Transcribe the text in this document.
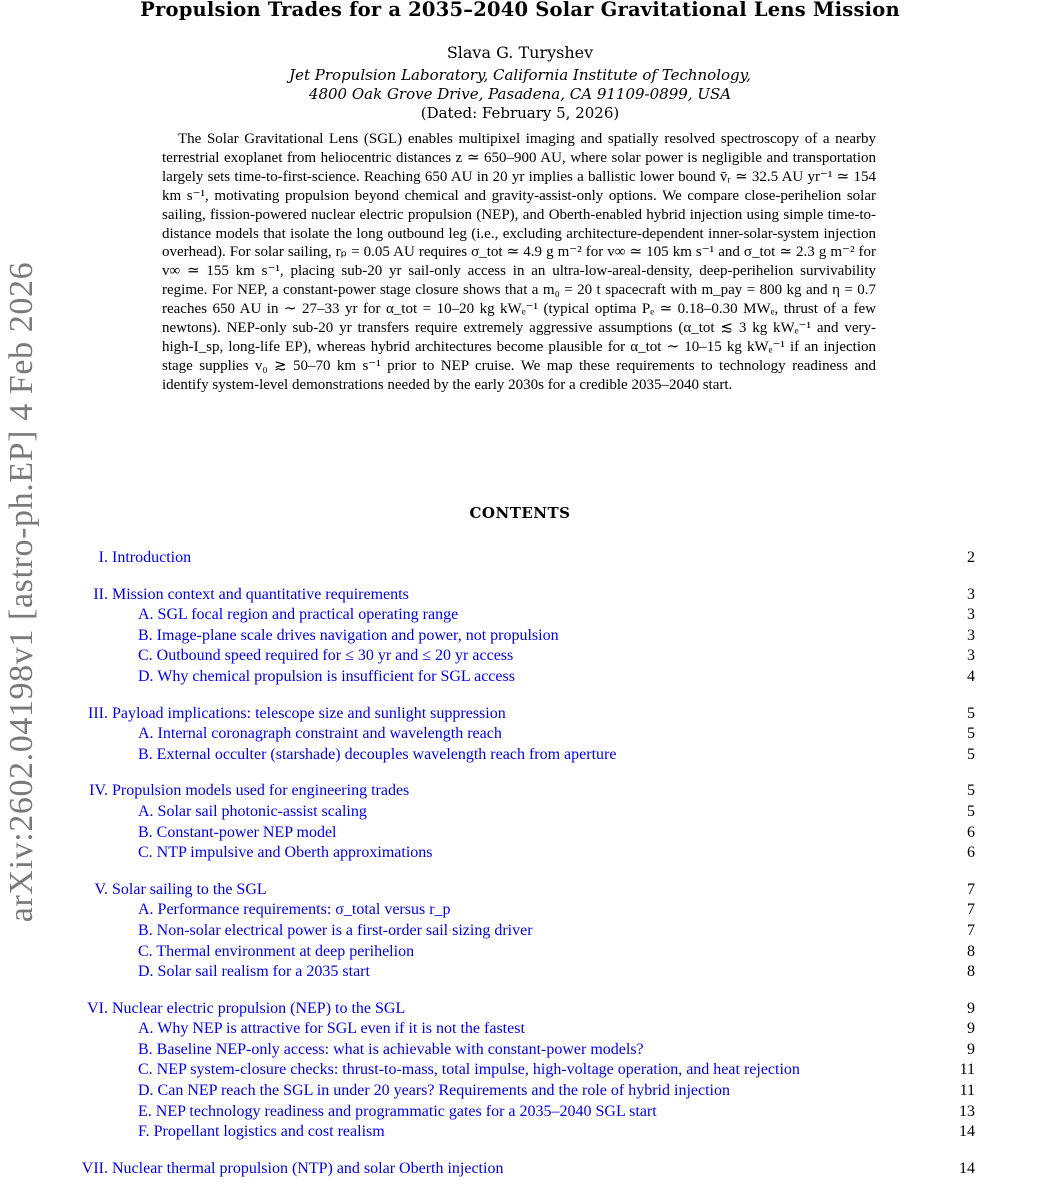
arXiv:2602.04198v1 [astro-ph.EP] 4 Feb 2026
Propulsion Trades for a 2035–2040 Solar Gravitational Lens Mission
Slava G. Turyshev
Jet Propulsion Laboratory, California Institute of Technology,
4800 Oak Grove Drive, Pasadena, CA 91109-0899, USA
(Dated: February 5, 2026)

The Solar Gravitational Lens (SGL) enables multipixel imaging and spatially resolved spectroscopy of a nearby terrestrial exoplanet from heliocentric distances z ≃ 650–900 AU, where solar power is negligible and transportation largely sets time-to-first-science. Reaching 650 AU in 20 yr implies a ballistic lower bound v̄ᵣ ≃ 32.5 AU yr⁻¹ ≃ 154 km s⁻¹, motivating propulsion beyond chemical and gravity-assist-only options. We compare close-perihelion solar sailing, fission-powered nuclear electric propulsion (NEP), and Oberth-enabled hybrid injection using simple time-to-distance models that isolate the long outbound leg (i.e., excluding architecture-dependent inner-solar-system injection overhead). For solar sailing, rₚ = 0.05 AU requires σ_tot ≃ 4.9 g m⁻² for v∞ ≃ 105 km s⁻¹ and σ_tot ≃ 2.3 g m⁻² for v∞ ≃ 155 km s⁻¹, placing sub-20 yr sail-only access in an ultra-low-areal-density, deep-perihelion survivability regime. For NEP, a constant-power stage closure shows that a m₀ = 20 t spacecraft with m_pay = 800 kg and η = 0.7 reaches 650 AU in ∼ 27–33 yr for α_tot = 10–20 kg kWₑ⁻¹ (typical optima Pₑ ≃ 0.18–0.30 MWₑ, thrust of a few newtons). NEP-only sub-20 yr transfers require extremely aggressive assumptions (α_tot ≲ 3 kg kWₑ⁻¹ and very-high-I_sp, long-life EP), whereas hybrid architectures become plausible for α_tot ∼ 10–15 kg kWₑ⁻¹ if an injection stage supplies v₀ ≳ 50–70 km s⁻¹ prior to NEP cruise. We map these requirements to technology readiness and identify system-level demonstrations needed by the early 2030s for a credible 2035–2040 start.

CONTENTS
I. Introduction	2
II. Mission context and quantitative requirements	3
A. SGL focal region and practical operating range	3
B. Image-plane scale drives navigation and power, not propulsion	3
C. Outbound speed required for ≤ 30 yr and ≤ 20 yr access	3
D. Why chemical propulsion is insufficient for SGL access	4
III. Payload implications: telescope size and sunlight suppression	5
A. Internal coronagraph constraint and wavelength reach	5
B. External occulter (starshade) decouples wavelength reach from aperture	5
IV. Propulsion models used for engineering trades	5
A. Solar sail photonic-assist scaling	5
B. Constant-power NEP model	6
C. NTP impulsive and Oberth approximations	6
V. Solar sailing to the SGL	7
A. Performance requirements: σ_total versus r_p	7
B. Non-solar electrical power is a first-order sail sizing driver	7
C. Thermal environment at deep perihelion	8
D. Solar sail realism for a 2035 start	8
VI. Nuclear electric propulsion (NEP) to the SGL	9
A. Why NEP is attractive for SGL even if it is not the fastest	9
B. Baseline NEP-only access: what is achievable with constant-power models?	9
C. NEP system-closure checks: thrust-to-mass, total impulse, high-voltage operation, and heat rejection	11
D. Can NEP reach the SGL in under 20 years? Requirements and the role of hybrid injection	11
E. NEP technology readiness and programmatic gates for a 2035–2040 SGL start	13
F. Propellant logistics and cost realism	14
VII. Nuclear thermal propulsion (NTP) and solar Oberth injection	14
